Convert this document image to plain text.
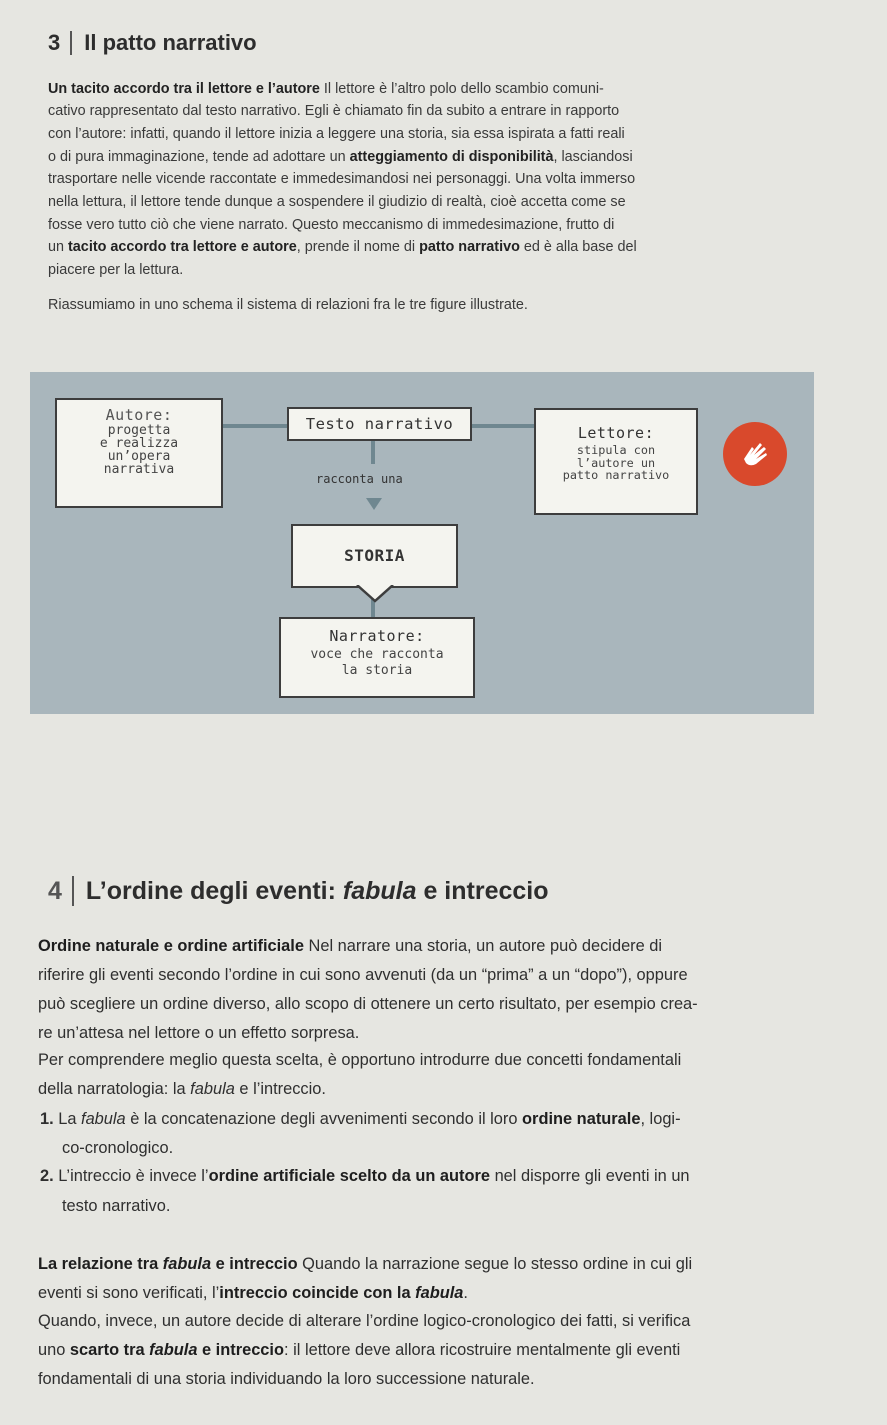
3 Il patto narrativo

Un tacito accordo tra il lettore e l’autore Il lettore è l’altro polo dello scambio comuni-

cativo rappresentato dal testo narrativo. Egli è chiamato fin da subito a entrare in rapporto

con l’autore: infatti, quando il lettore inizia a leggere una storia, sia essa ispirata a fatti reali

o di pura immaginazione, tende ad adottare un atteggiamento di disponibilità, lasciandosi

trasportare nelle vicende raccontate e immedesimandosi nei personaggi. Una volta immerso

nella lettura, il lettore tende dunque a sospendere il giudizio di realtà, cioè accetta come se

fosse vero tutto ciò che viene narrato. Questo meccanismo di immedesimazione, frutto di

un tacito accordo tra lettore e autore, prende il nome di patto narrativo ed è alla base del

piacere per la lettura.

Riassumiamo in uno schema il sistema di relazioni fra le tre figure illustrate.

Autore:
progetta
e realizza
un’opera
narrativa
Testo narrativo
racconta una
Lettore:
stipula con
l’autore un
patto narrativo
STORIA
Narratore:
voce che racconta
la storia
4 L’ordine degli eventi: fabula e intreccio

Ordine naturale e ordine artificiale Nel narrare una storia, un autore può decidere di

riferire gli eventi secondo l’ordine in cui sono avvenuti (da un “prima” a un “dopo”), oppure

può scegliere un ordine diverso, allo scopo di ottenere un certo risultato, per esempio crea-

re un’attesa nel lettore o un effetto sorpresa.

Per comprendere meglio questa scelta, è opportuno introdurre due concetti fondamentali

della narratologia: la fabula e l’intreccio.

1. La fabula è la concatenazione degli avvenimenti secondo il loro ordine naturale, logi-

co-cronologico.

2. L’intreccio è invece l’ordine artificiale scelto da un autore nel disporre gli eventi in un

testo narrativo.

La relazione tra fabula e intreccio Quando la narrazione segue lo stesso ordine in cui gli

eventi si sono verificati, l’intreccio coincide con la fabula.

Quando, invece, un autore decide di alterare l’ordine logico-cronologico dei fatti, si verifica

uno scarto tra fabula e intreccio: il lettore deve allora ricostruire mentalmente gli eventi

fondamentali di una storia individuando la loro successione naturale.
